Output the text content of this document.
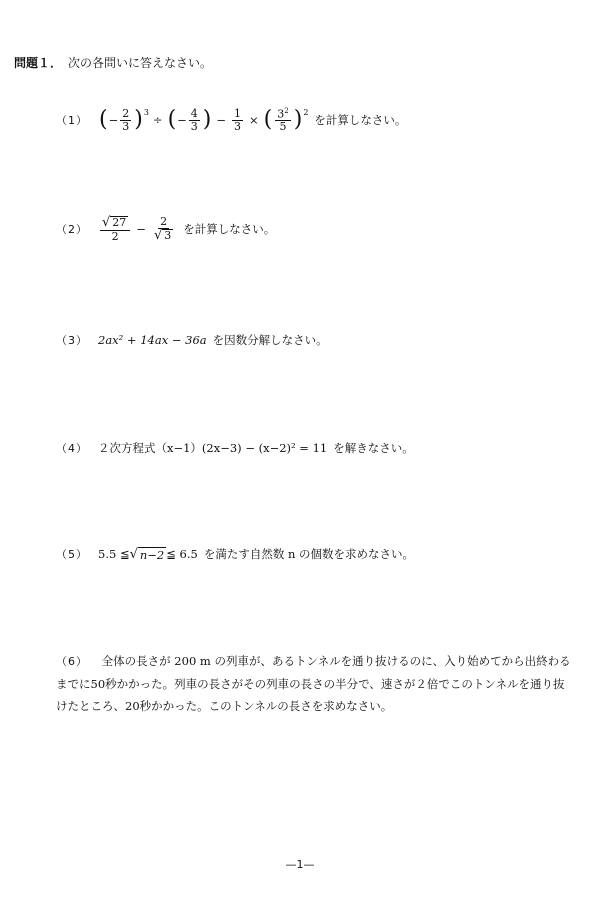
問題１． 次の各問いに答えなさい。
（1） ( − $\frac{2}{3}$ ) 3
÷ ( − $\frac{4}{3}$ ) − $\frac{1}{3}$ × ( $\frac{3^2}{5}$ ) 2
を計算しなさい。
$(2) \frac{√ 27}{2} - \frac{2}{√ 3}$ を計算しなさい。
（3） 2ax² + 14ax − 36a を因数分解しなさい。
（4） ２次方程式（x−1）(2x−3) − (x−2)² = 11 を解きなさい。
（5） 5.5 ≦ √ n−2 ≦ 6.5 を満たす自然数 n の個数を求めなさい。
（6） 全体の長さが 200 m の列車が、あるトンネルを通り抜けるのに、入り始めてから出終わるまでに50秒かかった。列車の長さがその列車の長さの半分で、速さが２倍でこのトンネルを通り抜けたところ、20秒かかった。このトンネルの長さを求めなさい。
—1—
